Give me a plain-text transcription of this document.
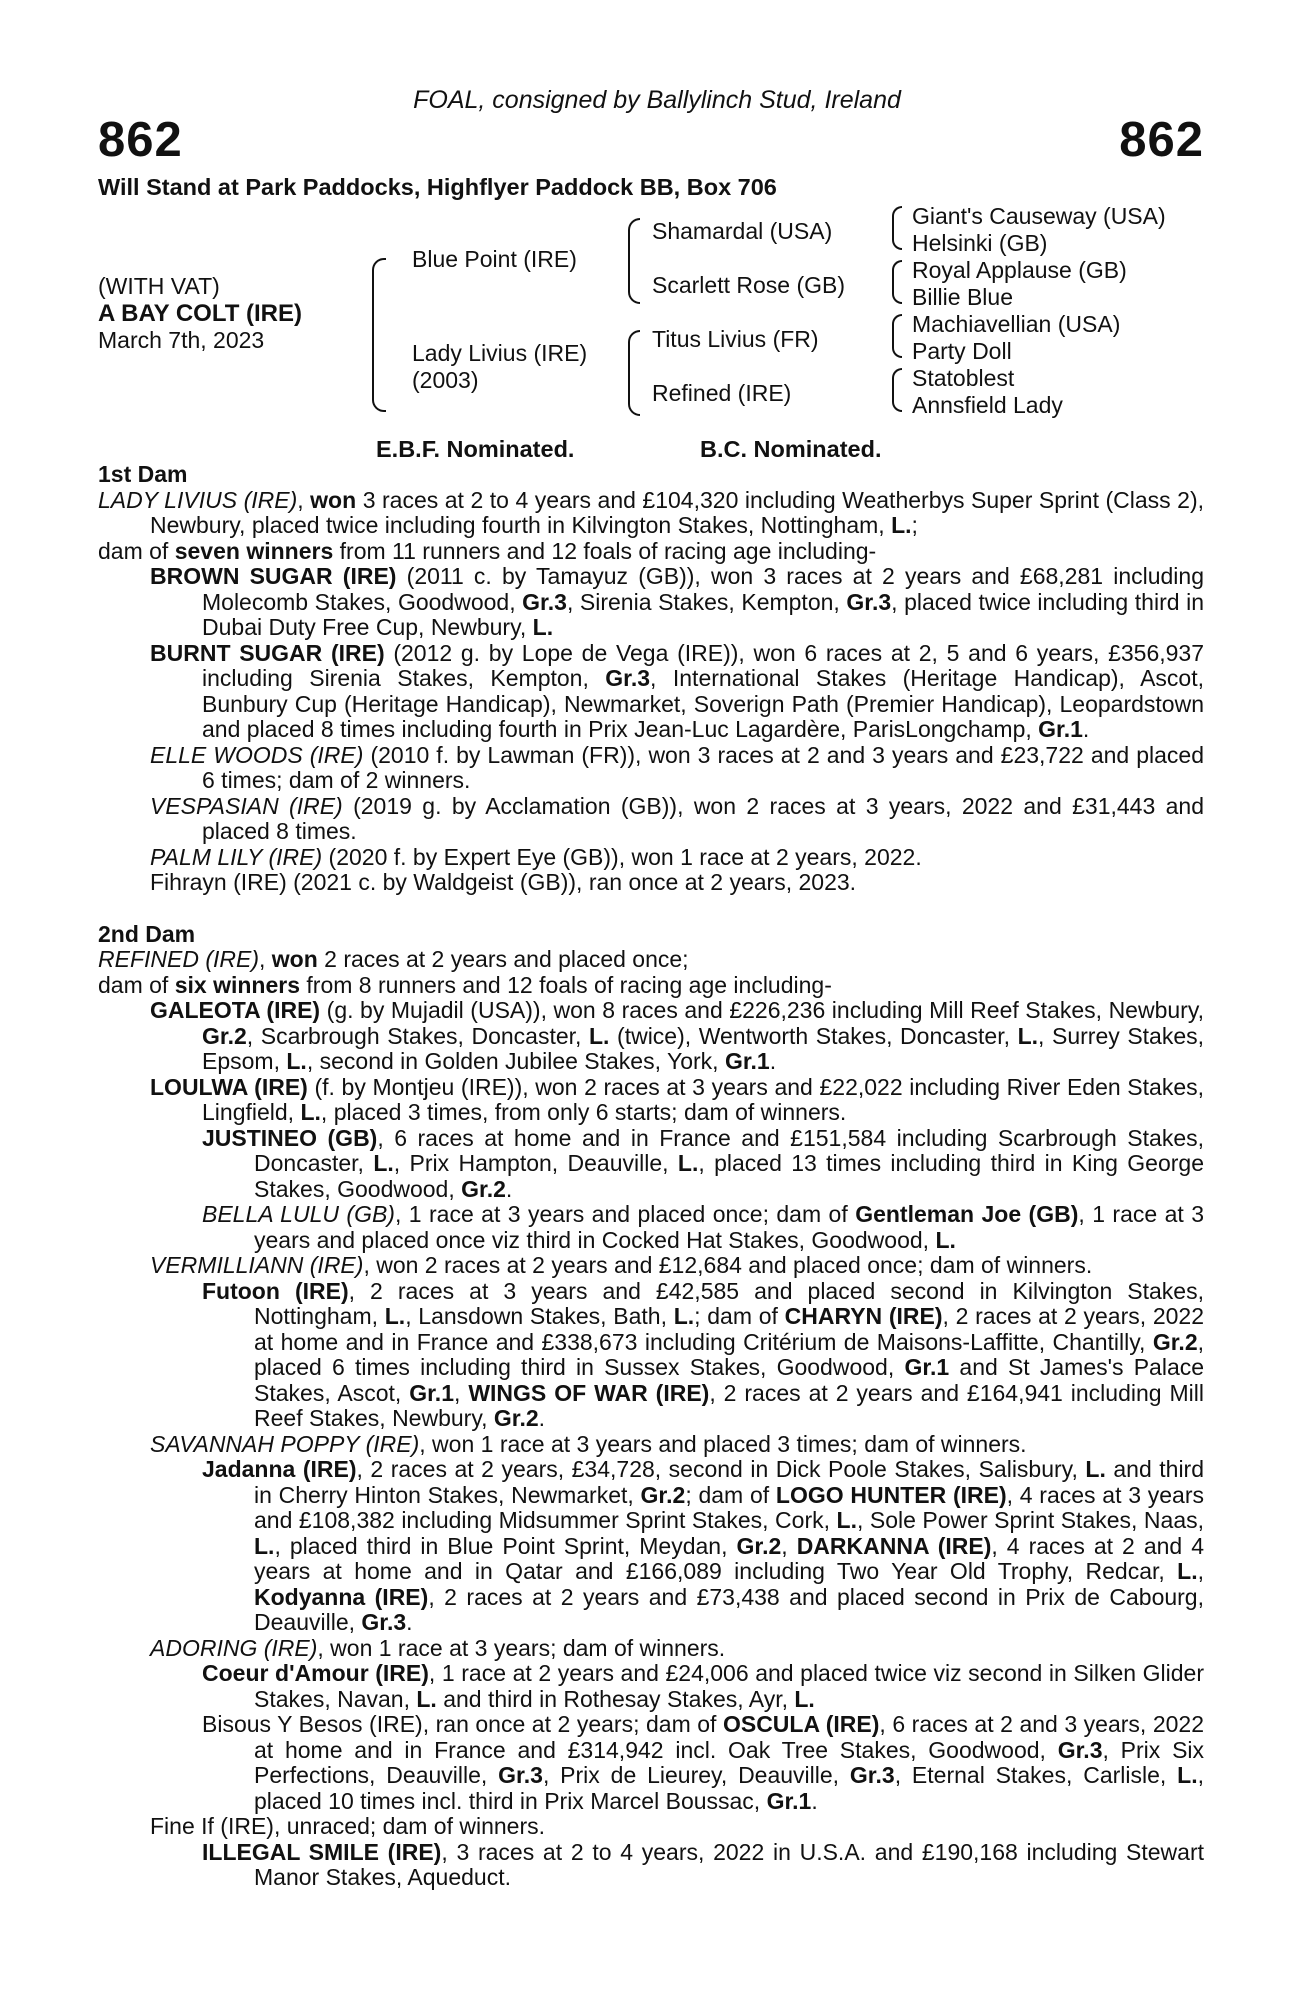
FOAL, consigned by Ballylinch Stud, Ireland
862	862
Will Stand at Park Paddocks, Highflyer Paddock BB, Box 706
(WITH VAT)
A BAY COLT (IRE)
March 7th, 2023
Blue Point (IRE)
Lady Livius (IRE)
(2003)
Shamardal (USA)
Scarlett Rose (GB)
Titus Livius (FR)
Refined (IRE)
Giant's Causeway (USA)
Helsinki (GB)
Royal Applause (GB)
Billie Blue
Machiavellian (USA)
Party Doll
Statoblest
Annsfield Lady
E.B.F. Nominated.	B.C. Nominated.
1st Dam
LADY LIVIUS (IRE), won 3 races at 2 to 4 years and £104,320 including Weatherbys Super Sprint (Class 2), Newbury, placed twice including fourth in Kilvington Stakes, Nottingham, L.;
dam of seven winners from 11 runners and 12 foals of racing age including-
BROWN SUGAR (IRE) (2011 c. by Tamayuz (GB)), won 3 races at 2 years and £68,281 including Molecomb Stakes, Goodwood, Gr.3, Sirenia Stakes, Kempton, Gr.3, placed twice including third in Dubai Duty Free Cup, Newbury, L.
BURNT SUGAR (IRE) (2012 g. by Lope de Vega (IRE)), won 6 races at 2, 5 and 6 years, £356,937 including Sirenia Stakes, Kempton, Gr.3, International Stakes (Heritage Handicap), Ascot, Bunbury Cup (Heritage Handicap), Newmarket, Soverign Path (Premier Handicap), Leopardstown and placed 8 times including fourth in Prix Jean-Luc Lagardère, ParisLongchamp, Gr.1.
ELLE WOODS (IRE) (2010 f. by Lawman (FR)), won 3 races at 2 and 3 years and £23,722 and placed 6 times; dam of 2 winners.
VESPASIAN (IRE) (2019 g. by Acclamation (GB)), won 2 races at 3 years, 2022 and £31,443 and placed 8 times.
PALM LILY (IRE) (2020 f. by Expert Eye (GB)), won 1 race at 2 years, 2022.
Fihrayn (IRE) (2021 c. by Waldgeist (GB)), ran once at 2 years, 2023.
2nd Dam
REFINED (IRE), won 2 races at 2 years and placed once;
dam of six winners from 8 runners and 12 foals of racing age including-
GALEOTA (IRE) (g. by Mujadil (USA)), won 8 races and £226,236 including Mill Reef Stakes, Newbury, Gr.2, Scarbrough Stakes, Doncaster, L. (twice), Wentworth Stakes, Doncaster, L., Surrey Stakes, Epsom, L., second in Golden Jubilee Stakes, York, Gr.1.
LOULWA (IRE) (f. by Montjeu (IRE)), won 2 races at 3 years and £22,022 including River Eden Stakes, Lingfield, L., placed 3 times, from only 6 starts; dam of winners.
JUSTINEO (GB), 6 races at home and in France and £151,584 including Scarbrough Stakes, Doncaster, L., Prix Hampton, Deauville, L., placed 13 times including third in King George Stakes, Goodwood, Gr.2.
BELLA LULU (GB), 1 race at 3 years and placed once; dam of Gentleman Joe (GB), 1 race at 3 years and placed once viz third in Cocked Hat Stakes, Goodwood, L.
VERMILLIANN (IRE), won 2 races at 2 years and £12,684 and placed once; dam of winners.
Futoon (IRE), 2 races at 3 years and £42,585 and placed second in Kilvington Stakes, Nottingham, L., Lansdown Stakes, Bath, L.; dam of CHARYN (IRE), 2 races at 2 years, 2022 at home and in France and £338,673 including Critérium de Maisons-Laffitte, Chantilly, Gr.2, placed 6 times including third in Sussex Stakes, Goodwood, Gr.1 and St James's Palace Stakes, Ascot, Gr.1, WINGS OF WAR (IRE), 2 races at 2 years and £164,941 including Mill Reef Stakes, Newbury, Gr.2.
SAVANNAH POPPY (IRE), won 1 race at 3 years and placed 3 times; dam of winners.
Jadanna (IRE), 2 races at 2 years, £34,728, second in Dick Poole Stakes, Salisbury, L. and third in Cherry Hinton Stakes, Newmarket, Gr.2; dam of LOGO HUNTER (IRE), 4 races at 3 years and £108,382 including Midsummer Sprint Stakes, Cork, L., Sole Power Sprint Stakes, Naas, L., placed third in Blue Point Sprint, Meydan, Gr.2, DARKANNA (IRE), 4 races at 2 and 4 years at home and in Qatar and £166,089 including Two Year Old Trophy, Redcar, L., Kodyanna (IRE), 2 races at 2 years and £73,438 and placed second in Prix de Cabourg, Deauville, Gr.3.
ADORING (IRE), won 1 race at 3 years; dam of winners.
Coeur d'Amour (IRE), 1 race at 2 years and £24,006 and placed twice viz second in Silken Glider Stakes, Navan, L. and third in Rothesay Stakes, Ayr, L.
Bisous Y Besos (IRE), ran once at 2 years; dam of OSCULA (IRE), 6 races at 2 and 3 years, 2022 at home and in France and £314,942 incl. Oak Tree Stakes, Goodwood, Gr.3, Prix Six Perfections, Deauville, Gr.3, Prix de Lieurey, Deauville, Gr.3, Eternal Stakes, Carlisle, L., placed 10 times incl. third in Prix Marcel Boussac, Gr.1.
Fine If (IRE), unraced; dam of winners.
ILLEGAL SMILE (IRE), 3 races at 2 to 4 years, 2022 in U.S.A. and £190,168 including Stewart Manor Stakes, Aqueduct.
